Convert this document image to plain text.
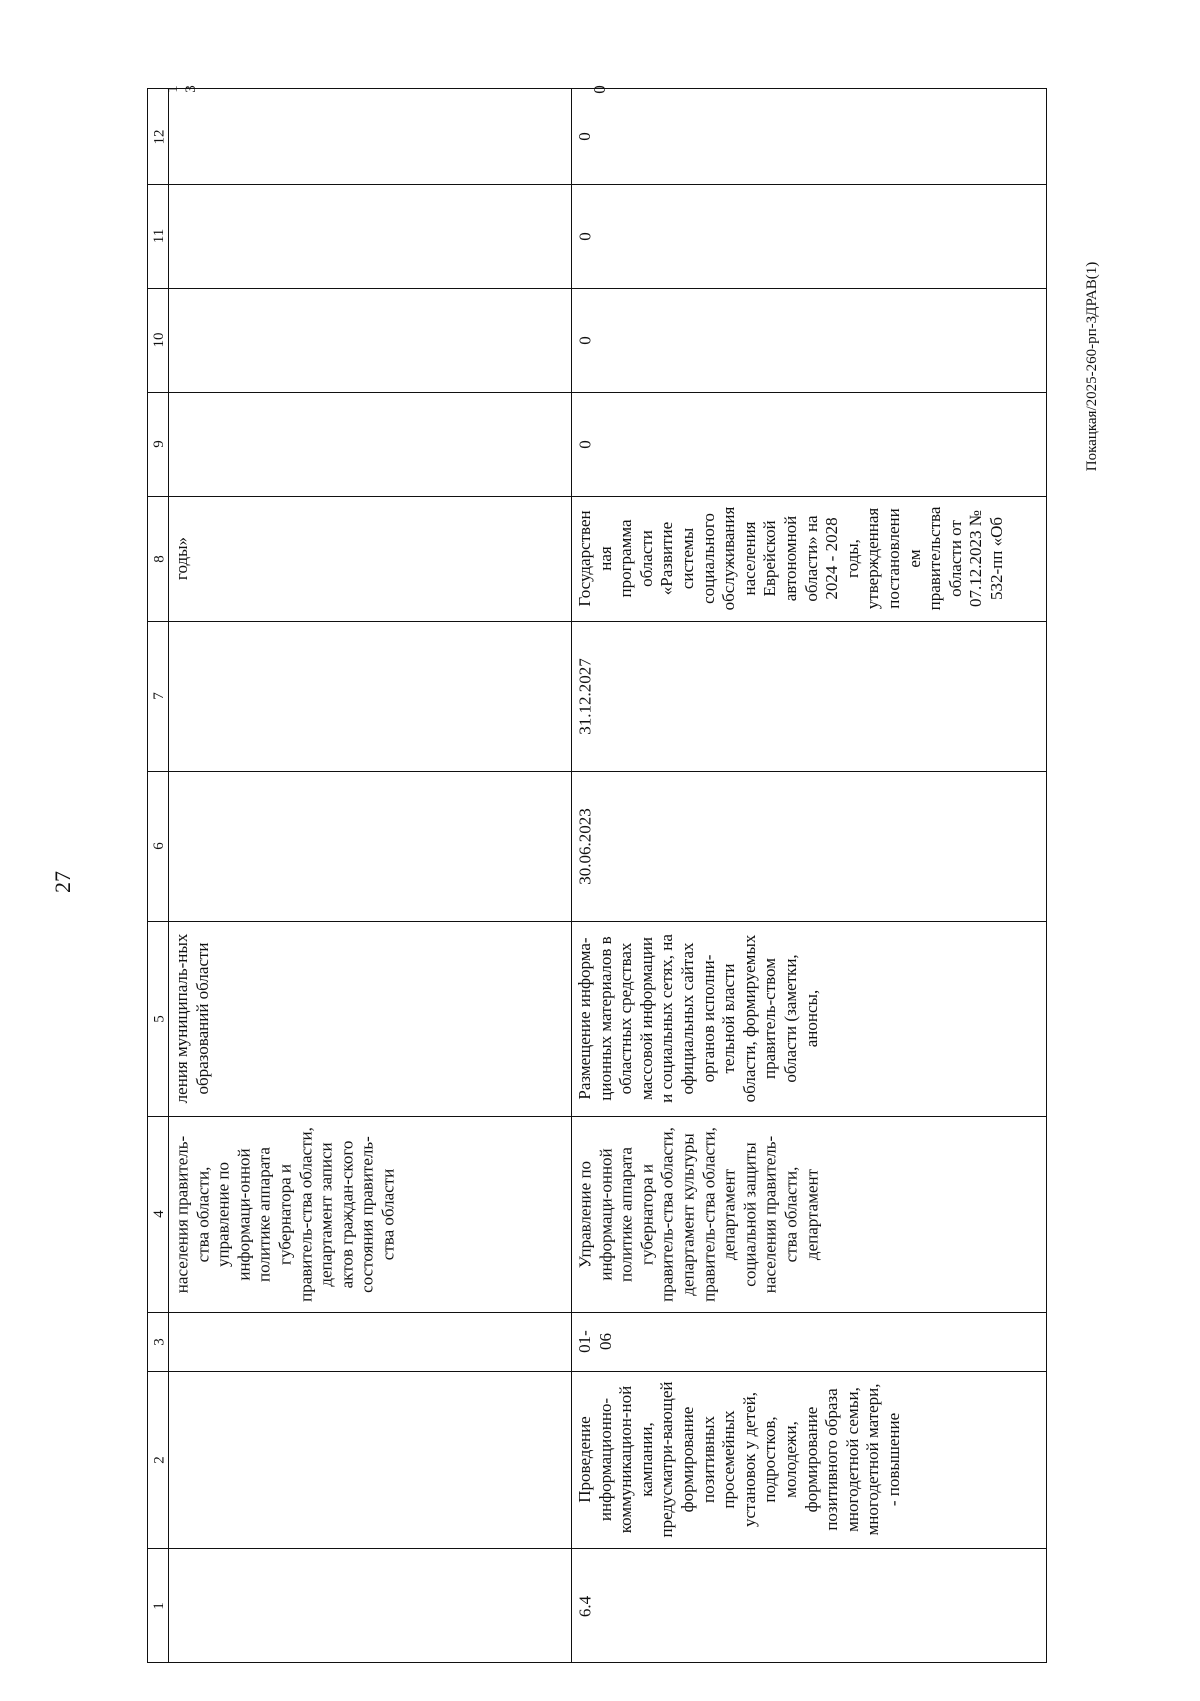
27
Покацкая/2025-260-рп-ЗДРАВ(1)
1
2
3
4
5
6
7
8
9
10
11
12
13
населения правитель-ства области, управление по информаци-онной политике аппарата губернатора и правитель-ства области, департамент записи актов граждан-ского состояния правитель-ства области
ления муниципаль-ных образований области
годы»
6.4
Проведение информационно-коммуникацион-ной кампании, предусматри-вающей формирование позитивных просемейных установок у детей, подростков, молодежи, формирование позитивного образа многодетной семьи, многодетной матери, - повышение
01-06
Управление по информаци-онной политике аппарата губернатора и правитель-ства области, департамент культуры правитель-ства области, департамент социальной защиты населения правитель-ства области, департамент
Размещение информа-ционных материалов в областных средствах массовой информации и социальных сетях, на официальных сайтах органов исполни-тельной власти области, формируемых правитель-ством области (заметки, анонсы,
30.06.2023
31.12.2027
Государственная программа области «Развитие системы социального обслуживания населения Еврейской автономной области» на 2024 - 2028 годы, утвержденная постановлением правительства области от 07.12.2023 № 532-пп «Об
0
0
0
0
0
